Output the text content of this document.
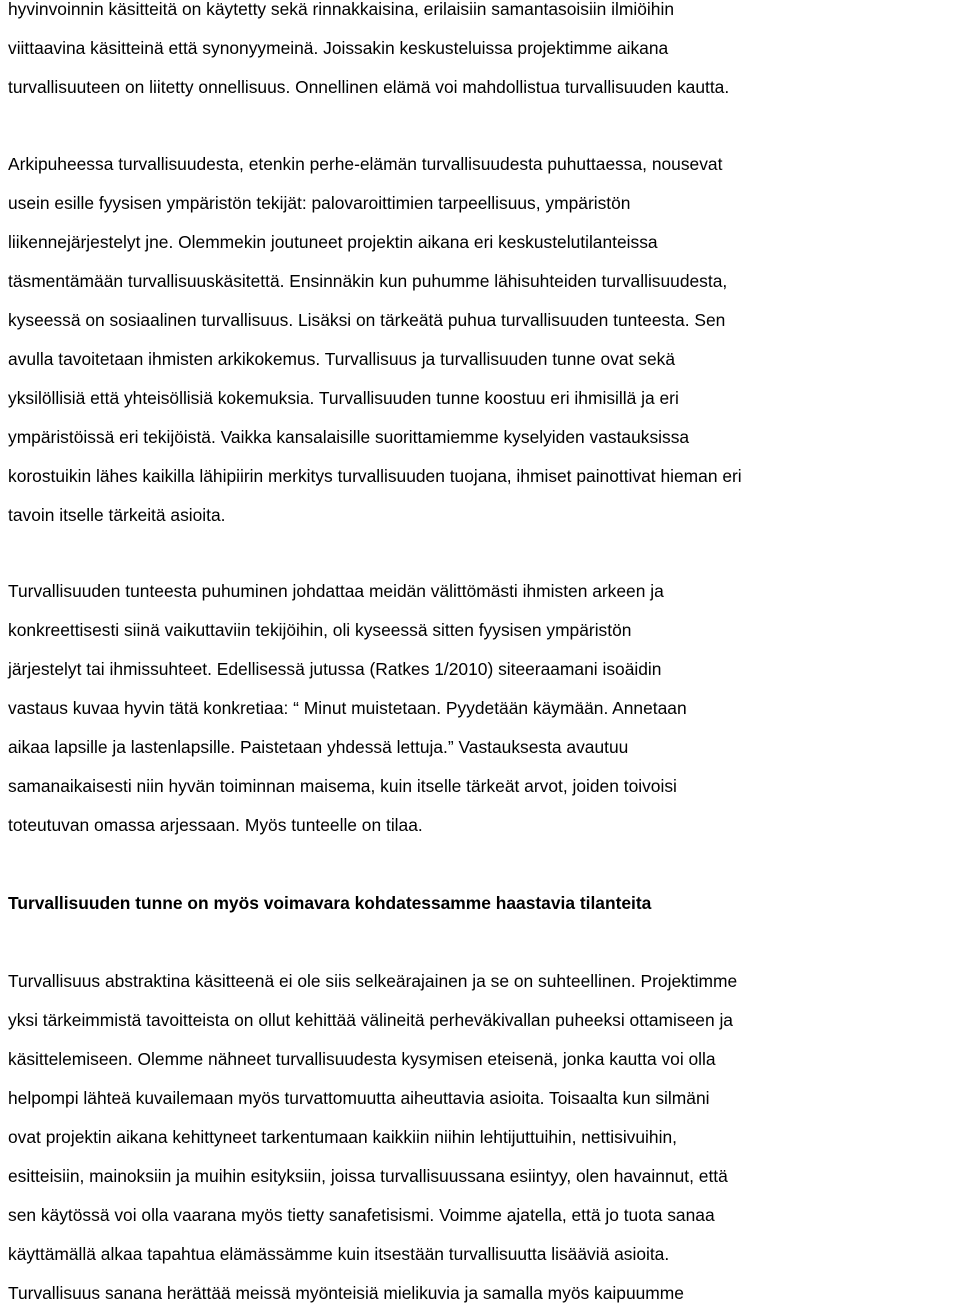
hyvinvoinnin käsitteitä on käytetty sekä rinnakkaisina, erilaisiin samantasoisiin ilmiöihin
viittaavina käsitteinä että synonyymeinä. Joissakin keskusteluissa projektimme aikana
turvallisuuteen on liitetty onnellisuus. Onnellinen elämä voi mahdollistua turvallisuuden kautta.
Arkipuheessa turvallisuudesta, etenkin perhe-elämän turvallisuudesta puhuttaessa, nousevat
usein esille fyysisen ympäristön tekijät: palovaroittimien tarpeellisuus, ympäristön
liikennejärjestelyt jne. Olemmekin joutuneet projektin aikana eri keskustelutilanteissa
täsmentämään turvallisuuskäsitettä. Ensinnäkin kun puhumme lähisuhteiden turvallisuudesta,
kyseessä on sosiaalinen turvallisuus. Lisäksi on tärkeätä puhua turvallisuuden tunteesta. Sen
avulla tavoitetaan ihmisten arkikokemus. Turvallisuus ja turvallisuuden tunne ovat sekä
yksilöllisiä että yhteisöllisiä kokemuksia. Turvallisuuden tunne koostuu eri ihmisillä ja eri
ympäristöissä eri tekijöistä. Vaikka kansalaisille suorittamiemme kyselyiden vastauksissa
korostuikin lähes kaikilla lähipiirin merkitys turvallisuuden tuojana, ihmiset painottivat hieman eri
tavoin itselle tärkeitä asioita.
Turvallisuuden tunteesta puhuminen johdattaa meidän välittömästi ihmisten arkeen ja
konkreettisesti siinä vaikuttaviin tekijöihin, oli kyseessä sitten fyysisen ympäristön
järjestelyt tai ihmissuhteet. Edellisessä jutussa (Ratkes 1/2010) siteeraamani isoäidin
vastaus kuvaa hyvin tätä konkretiaa: “ Minut muistetaan. Pyydetään käymään. Annetaan
aikaa lapsille ja lastenlapsille. Paistetaan yhdessä lettuja.” Vastauksesta avautuu
samanaikaisesti niin hyvän toiminnan maisema, kuin itselle tärkeät arvot, joiden toivoisi
toteutuvan omassa arjessaan. Myös tunteelle on tilaa.
Turvallisuuden tunne on myös voimavara kohdatessamme haastavia tilanteita
Turvallisuus abstraktina käsitteenä ei ole siis selkeärajainen ja se on suhteellinen. Projektimme
yksi tärkeimmistä tavoitteista on ollut kehittää välineitä perheväkivallan puheeksi ottamiseen ja
käsittelemiseen. Olemme nähneet turvallisuudesta kysymisen eteisenä, jonka kautta voi olla
helpompi lähteä kuvailemaan myös turvattomuutta aiheuttavia asioita. Toisaalta kun silmäni
ovat projektin aikana kehittyneet tarkentumaan kaikkiin niihin lehtijuttuihin, nettisivuihin,
esitteisiin, mainoksiin ja muihin esityksiin, joissa turvallisuussana esiintyy, olen havainnut, että
sen käytössä voi olla vaarana myös tietty sanafetisismi. Voimme ajatella, että jo tuota sanaa
käyttämällä alkaa tapahtua elämässämme kuin itsestään turvallisuutta lisääviä asioita.
Turvallisuus sanana herättää meissä myönteisiä mielikuvia ja samalla myös kaipuumme
